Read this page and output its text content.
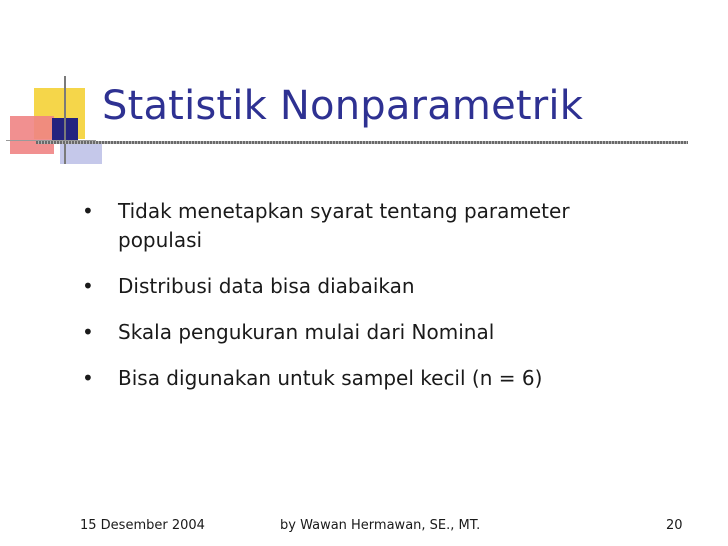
Statistik Nonparametrik
• Tidak menetapkan syarat tentang parameter populasi
• Distribusi data bisa diabaikan
• Skala pengukuran mulai dari Nominal
• Bisa digunakan untuk sampel kecil (n = 6)
15 Desember 2004	by Wawan Hermawan, SE., MT.	20
